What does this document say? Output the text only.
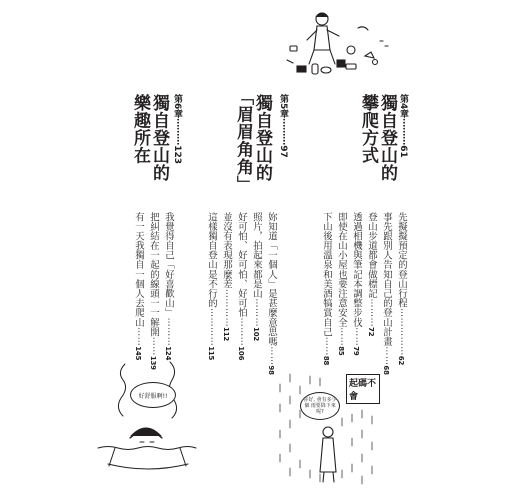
第4章⋯⋯⋯61
獨自登山的
攀爬方式
第5章⋯⋯⋯97
獨自登山的
「眉眉角角」
第6章⋯⋯⋯123
獨自登山的
樂趣所在
先擬擬預定的登山行程⋯⋯⋯⋯⋯62
事先跟別人告知自己的登山計畫⋯⋯68
登山步道都會做標記⋯⋯⋯72
透過相機與筆記本調整步伐⋯⋯79
即使在山小屋也要注意安全⋯⋯85
下山後用溫泉和美酒犒賞自己⋯⋯88
妳知道「一個人」是甚麼意思嗎⋯⋯98
照片，拍起來都是山⋯⋯⋯102
好可怕、好可怕、好可怕⋯⋯⋯106
並沒有表現那麼差⋯⋯⋯⋯112
這樣獨自登山是不行的⋯⋯⋯⋯115
我覺得自己「好喜歡山」⋯⋯⋯124
把糾結在一起的線頭一一解開⋯⋯139
有一天我獨自一個人去爬山⋯⋯145
好舒服啊!!
起碼不會
你好, 會有多少個 雨要降下來呢?
